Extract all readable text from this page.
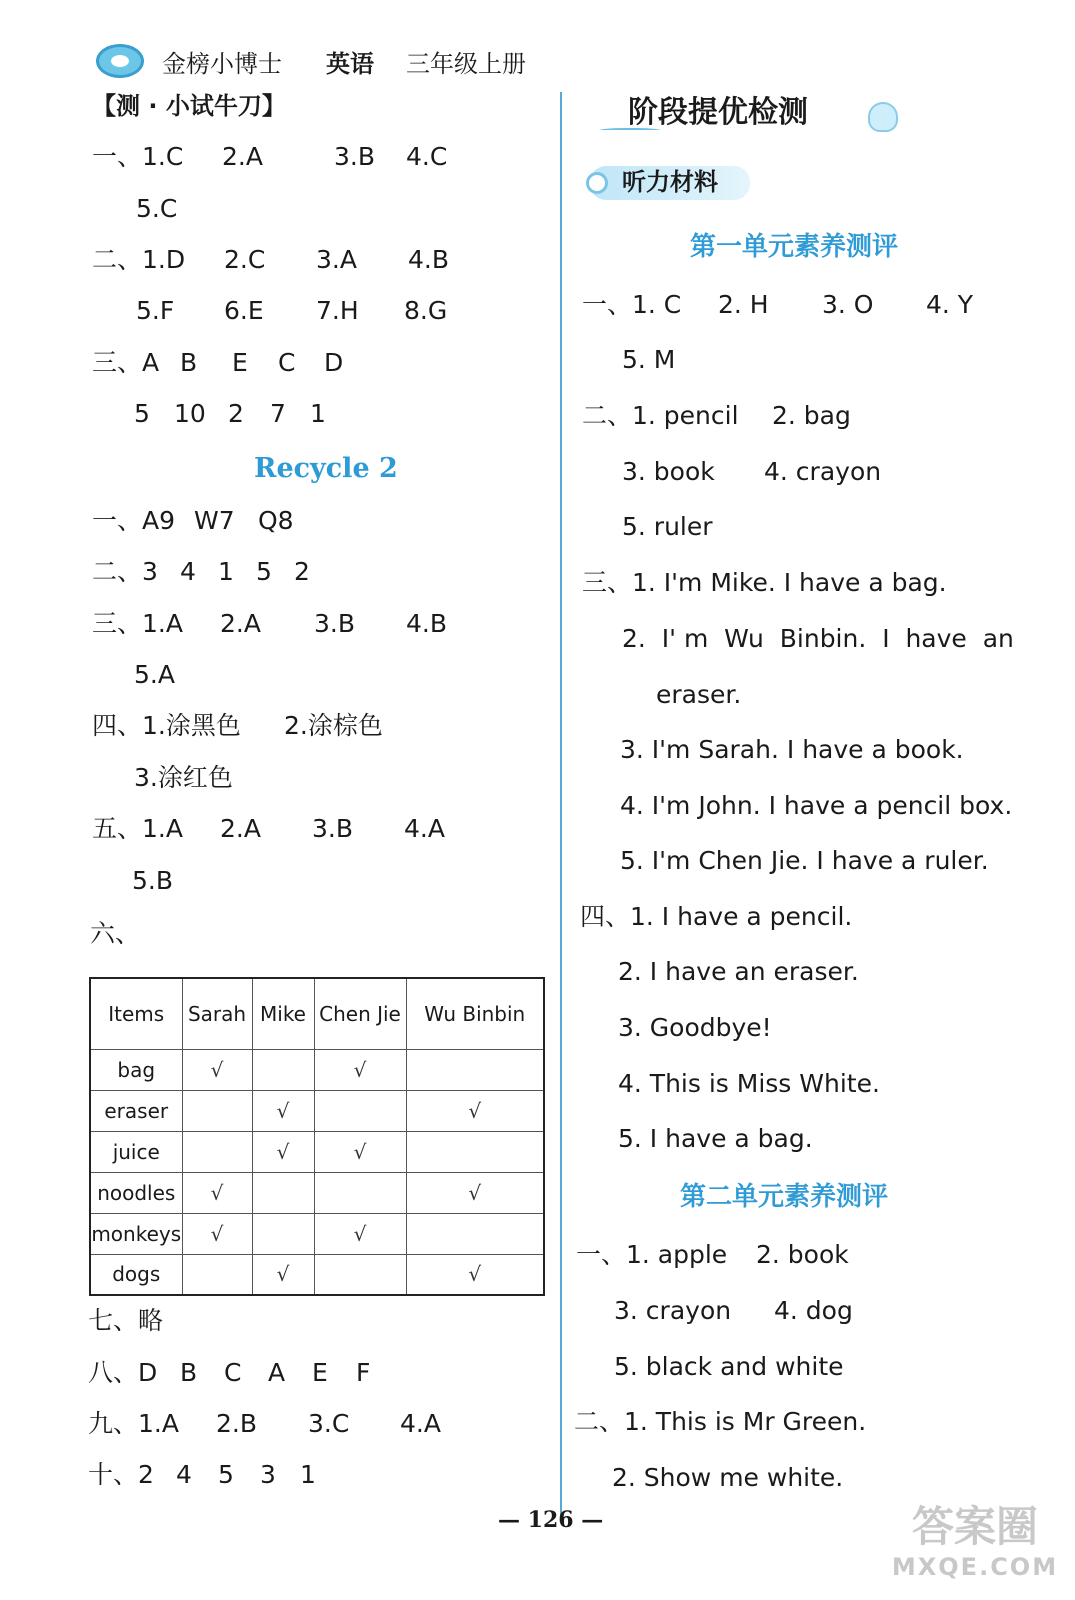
金榜小博士 英语 三年级上册
【测 · 小试牛刀】
一、1.C 2.A	3.B 4.C
5.C
二、1.D 2.C 3.A 4.B
5.F 6.E 7.H 8.G
三、A B E C D
5 10 2 7 1
Recycle 2
一、A9 W7 Q8
二、3 4 1 5 2
三、1.A 2.A 3.B 4.B
5.A
四、1.涂黑色 2.涂棕色
3.涂红色
五、1.A 2.A 3.B 4.A
5.B
六、
Items	Sarah	Mike	Chen Jie	Wu Binbin
bag	√		√	
eraser		√		√
juice		√	√	
noodles	√			√
monkeys	√		√	
dogs		√		√
七、略
八、D B C A E F
九、1.A 2.B 3.C 4.A
十、2 4 5 3 1
阶段提优检测
听力材料
第一单元素养测评
一、1. C 2. H 3. O 4. Y
5. M
二、1. pencil 2. bag
3. book 4. crayon
5. ruler
三、1. I'm Mike. I have a bag.
2.  I' m  Wu  Binbin.  I  have  an
eraser.
3. I'm Sarah. I have a book.
4. I'm John. I have a pencil box.
5. I'm Chen Jie. I have a ruler.
四、1. I have a pencil.
2. I have an eraser.
3. Goodbye!
4. This is Miss White.
5. I have a bag.
第二单元素养测评
一、1. apple 2. book
3. crayon 4. dog
5. black and white
二、1. This is Mr Green.
2. Show me white.
— 126 —	答案圈
MXQE.COM
